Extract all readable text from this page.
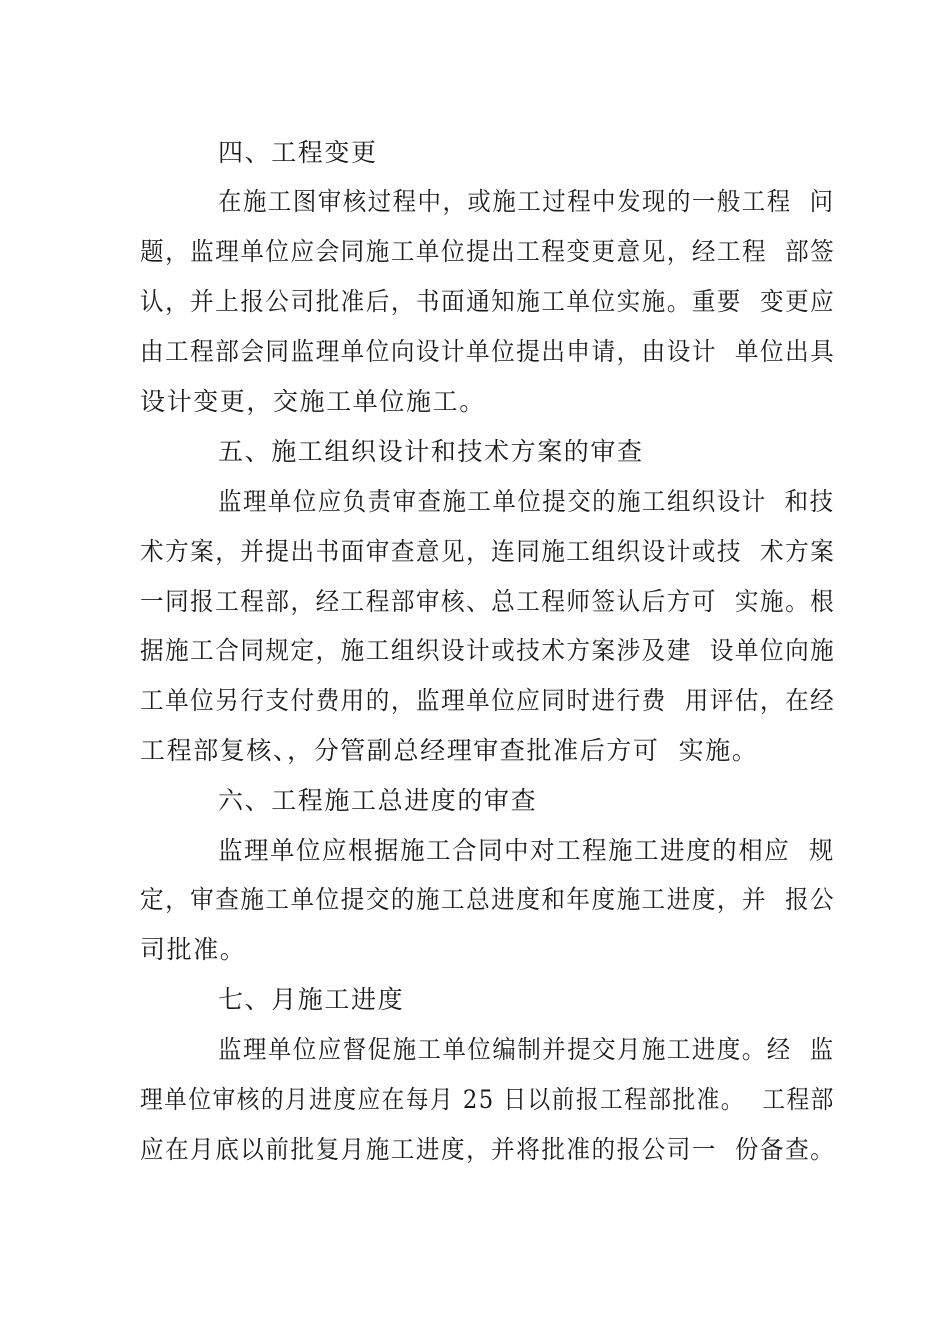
四、工程变更
在施工图审核过程中，或施工过程中发现的一般工程  问
题，监理单位应会同施工单位提出工程变更意见，经工程  部签
认，并上报公司批准后，书面通知施工单位实施。重要  变更应
由工程部会同监理单位向设计单位提出申请，由设计  单位出具
设计变更，交施工单位施工。
五、施工组织设计和技术方案的审查
监理单位应负责审查施工单位提交的施工组织设计  和技
术方案，并提出书面审查意见，连同施工组织设计或技  术方案
一同报工程部，经工程部审核、总工程师签认后方可  实施。根
据施工合同规定，施工组织设计或技术方案涉及建  设单位向施
工单位另行支付费用的，监理单位应同时进行费  用评估，在经
工程部复核、，分管副总经理审查批准后方可  实施。
六、工程施工总进度的审查
监理单位应根据施工合同中对工程施工进度的相应  规
定，审查施工单位提交的施工总进度和年度施工进度，并  报公
司批准。
七、月施工进度
监理单位应督促施工单位编制并提交月施工进度。经  监
理单位审核的月进度应在每月 25 日以前报工程部批准。  工程部
应在月底以前批复月施工进度，并将批准的报公司一  份备查。
